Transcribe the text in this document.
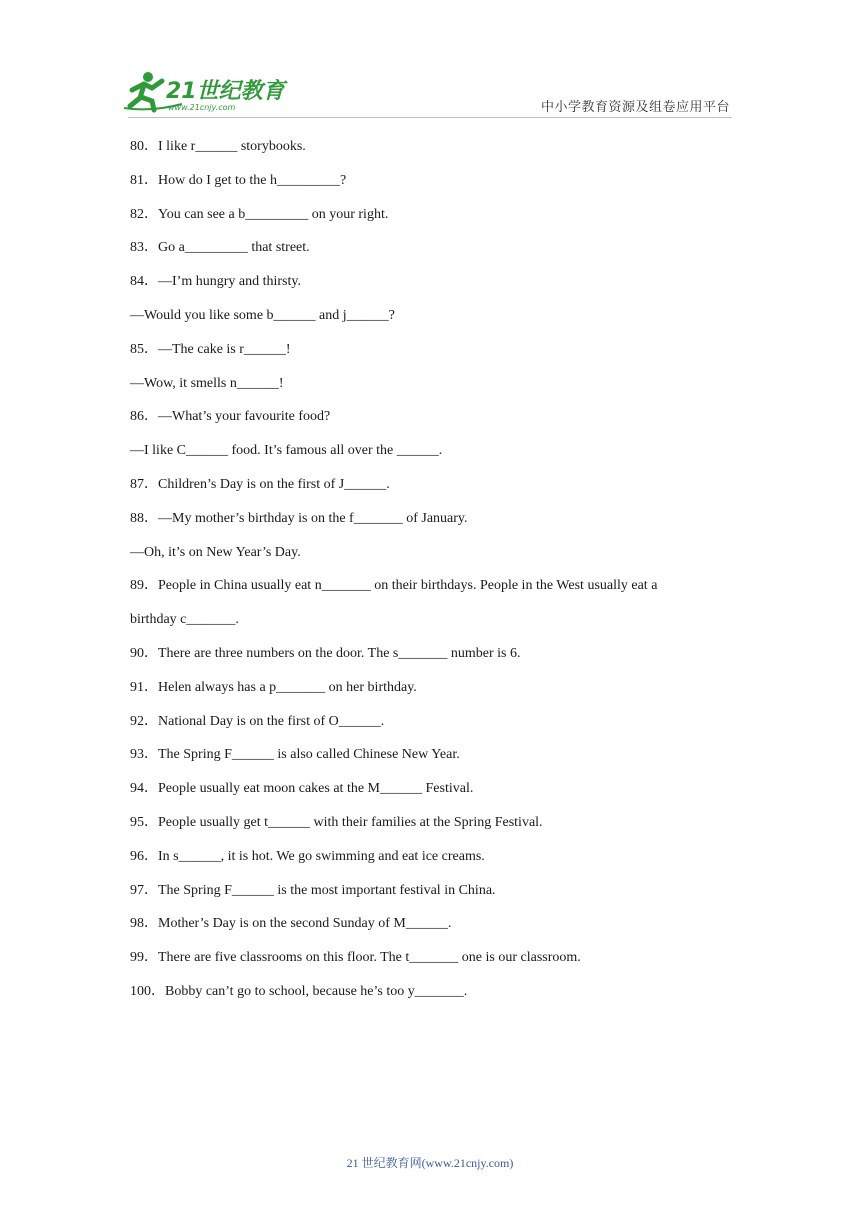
21世纪教育
www.21cnjy.com	中小学教育资源及组卷应用平台
80．I like r______ storybooks.
81．How do I get to the h_________?
82．You can see a b_________ on your right.
83．Go a_________ that street.
84．—I’m hungry and thirsty.
—Would you like some b______ and j______?
85．—The cake is r______!
—Wow, it smells n______!
86．—What’s your favourite food?
—I like C______ food. It’s famous all over the ______.
87．Children’s Day is on the first of J______.
88．—My mother’s birthday is on the f_______ of January.
—Oh, it’s on New Year’s Day.
89．People in China usually eat n_______ on their birthdays. People in the West usually eat a
birthday c_______.
90．There are three numbers on the door. The s_______ number is 6.
91．Helen always has a p_______ on her birthday.
92．National Day is on the first of O______.
93．The Spring F______ is also called Chinese New Year.
94．People usually eat moon cakes at the M______ Festival.
95．People usually get t______ with their families at the Spring Festival.
96．In s______, it is hot. We go swimming and eat ice creams.
97．The Spring F______ is the most important festival in China.
98．Mother’s Day is on the second Sunday of M______.
99．There are five classrooms on this floor. The t_______ one is our classroom.
100．Bobby can’t go to school, because he’s too y_______.
21 世纪教育网(www.21cnjy.com)
